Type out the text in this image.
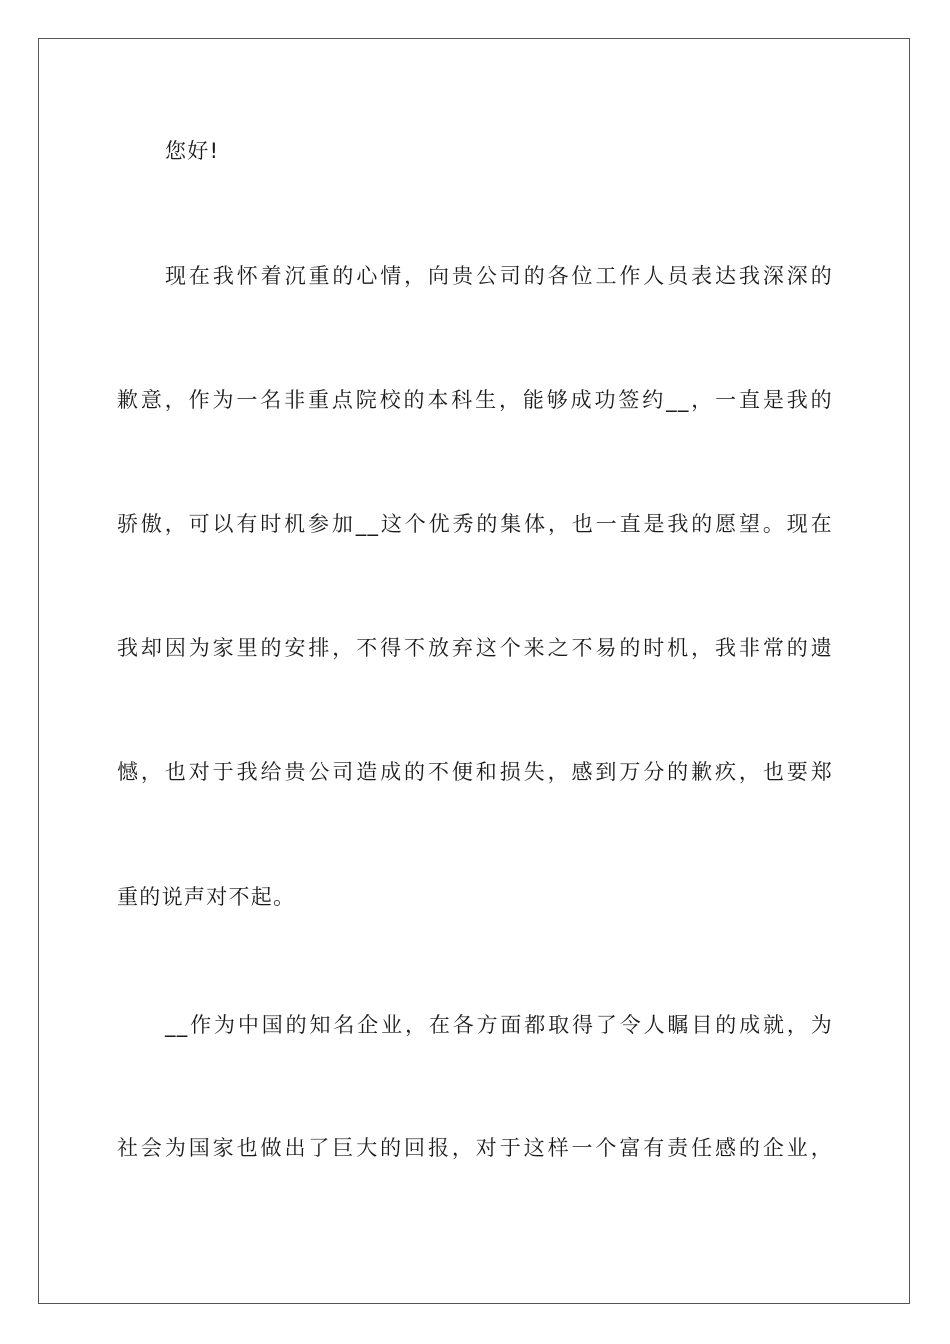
您好!
现在我怀着沉重的心情，向贵公司的各位工作人员表达我深深的
歉意，作为一名非重点院校的本科生，能够成功签约__，一直是我的
骄傲，可以有时机参加__这个优秀的集体，也一直是我的愿望。现在
我却因为家里的安排，不得不放弃这个来之不易的时机，我非常的遗
憾，也对于我给贵公司造成的不便和损失，感到万分的歉疚，也要郑
重的说声对不起。
__作为中国的知名企业，在各方面都取得了令人瞩目的成就，为
社会为国家也做出了巨大的回报，对于这样一个富有责任感的企业，
